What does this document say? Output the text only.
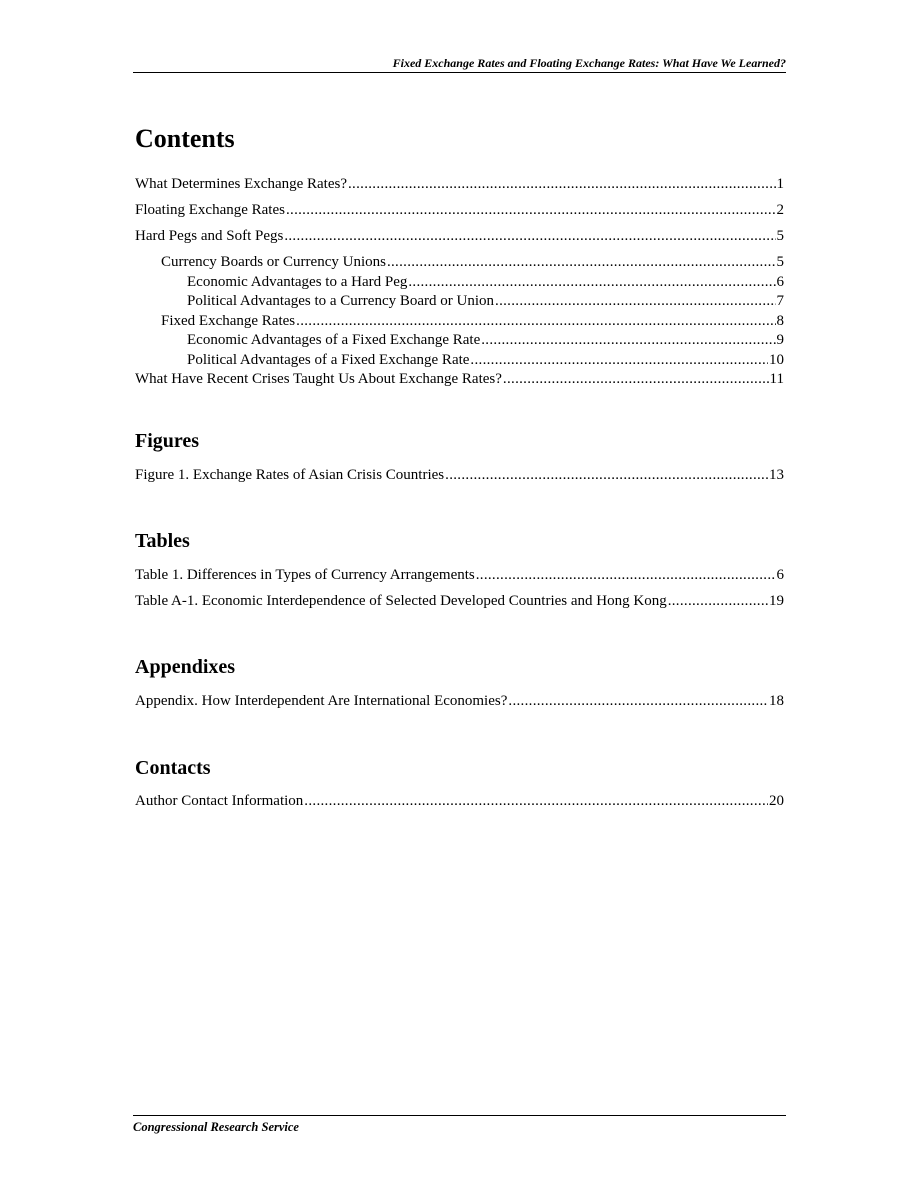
Fixed Exchange Rates and Floating Exchange Rates: What Have We Learned?
Contents
What Determines Exchange Rates? .....	1
Floating Exchange Rates .....	2
Hard Pegs and Soft Pegs .....	5
Currency Boards or Currency Unions .....	5
Economic Advantages to a Hard Peg .....	6
Political Advantages to a Currency Board or Union .....	7
Fixed Exchange Rates .....	8
Economic Advantages of a Fixed Exchange Rate .....	9
Political Advantages of a Fixed Exchange Rate .....	10
What Have Recent Crises Taught Us About Exchange Rates? .....	11
Figures
Figure 1. Exchange Rates of Asian Crisis Countries .....	13
Tables
Table 1. Differences in Types of Currency Arrangements .....	6
Table A-1. Economic Interdependence of Selected Developed Countries and Hong Kong .....	19
Appendixes
Appendix. How Interdependent Are International Economies? .....	18
Contacts
Author Contact Information .....	20
Congressional Research Service
